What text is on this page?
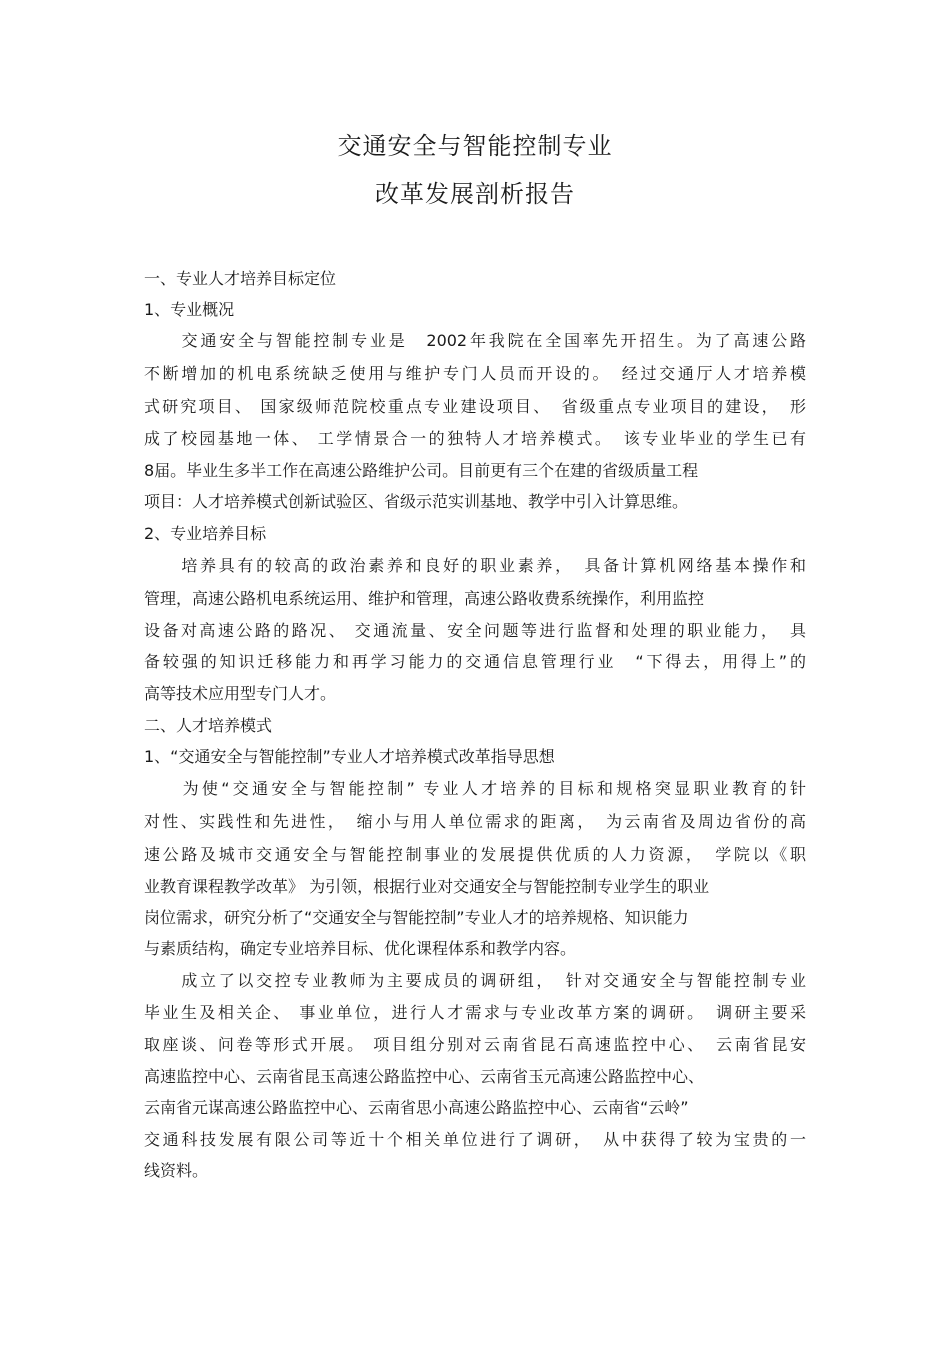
交通安全与智能控制专业
改革发展剖析报告
一、专业人才培养目标定位
1、专业概况
　　交通安全与智能控制专业是　2002年我院在全国率先开招生。为了高速公路
不断增加的机电系统缺乏使用与维护专门人员而开设的。　经过交通厅人才培养模
式研究项目、 国家级师范院校重点专业建设项目、　省级重点专业项目的建设，　形
成了校园基地一体、 工学情景合一的独特人才培养模式。　该专业毕业的学生已有
8届。毕业生多半工作在高速公路维护公司。目前更有三个在建的省级质量工程
项目：人才培养模式创新试验区、省级示范实训基地、教学中引入计算思维。
2、专业培养目标
　　培养具有的较高的政治素养和良好的职业素养，　具备计算机网络基本操作和
管理，高速公路机电系统运用、维护和管理，高速公路收费系统操作，利用监控
设备对高速公路的路况、 交通流量、安全问题等进行监督和处理的职业能力，　具
备较强的知识迁移能力和再学习能力的交通信息管理行业　“下得去，用得上”的
高等技术应用型专门人才。
二、人才培养模式
1、“交通安全与智能控制”专业人才培养模式改革指导思想
　　为使“交通安全与智能控制” 专业人才培养的目标和规格突显职业教育的针
对性、实践性和先进性，　缩小与用人单位需求的距离，　为云南省及周边省份的高
速公路及城市交通安全与智能控制事业的发展提供优质的人力资源，　学院以《职
业教育课程教学改革》 为引领，根据行业对交通安全与智能控制专业学生的职业
岗位需求，研究分析了“交通安全与智能控制”专业人才的培养规格、知识能力
与素质结构，确定专业培养目标、优化课程体系和教学内容。
　　成立了以交控专业教师为主要成员的调研组，　针对交通安全与智能控制专业
毕业生及相关企、 事业单位，进行人才需求与专业改革方案的调研。　调研主要采
取座谈、问卷等形式开展。 项目组分别对云南省昆石高速监控中心、　云南省昆安
高速监控中心、云南省昆玉高速公路监控中心、云南省玉元高速公路监控中心、
云南省元谋高速公路监控中心、云南省思小高速公路监控中心、云南省“云岭”
交通科技发展有限公司等近十个相关单位进行了调研，　从中获得了较为宝贵的一
线资料。
